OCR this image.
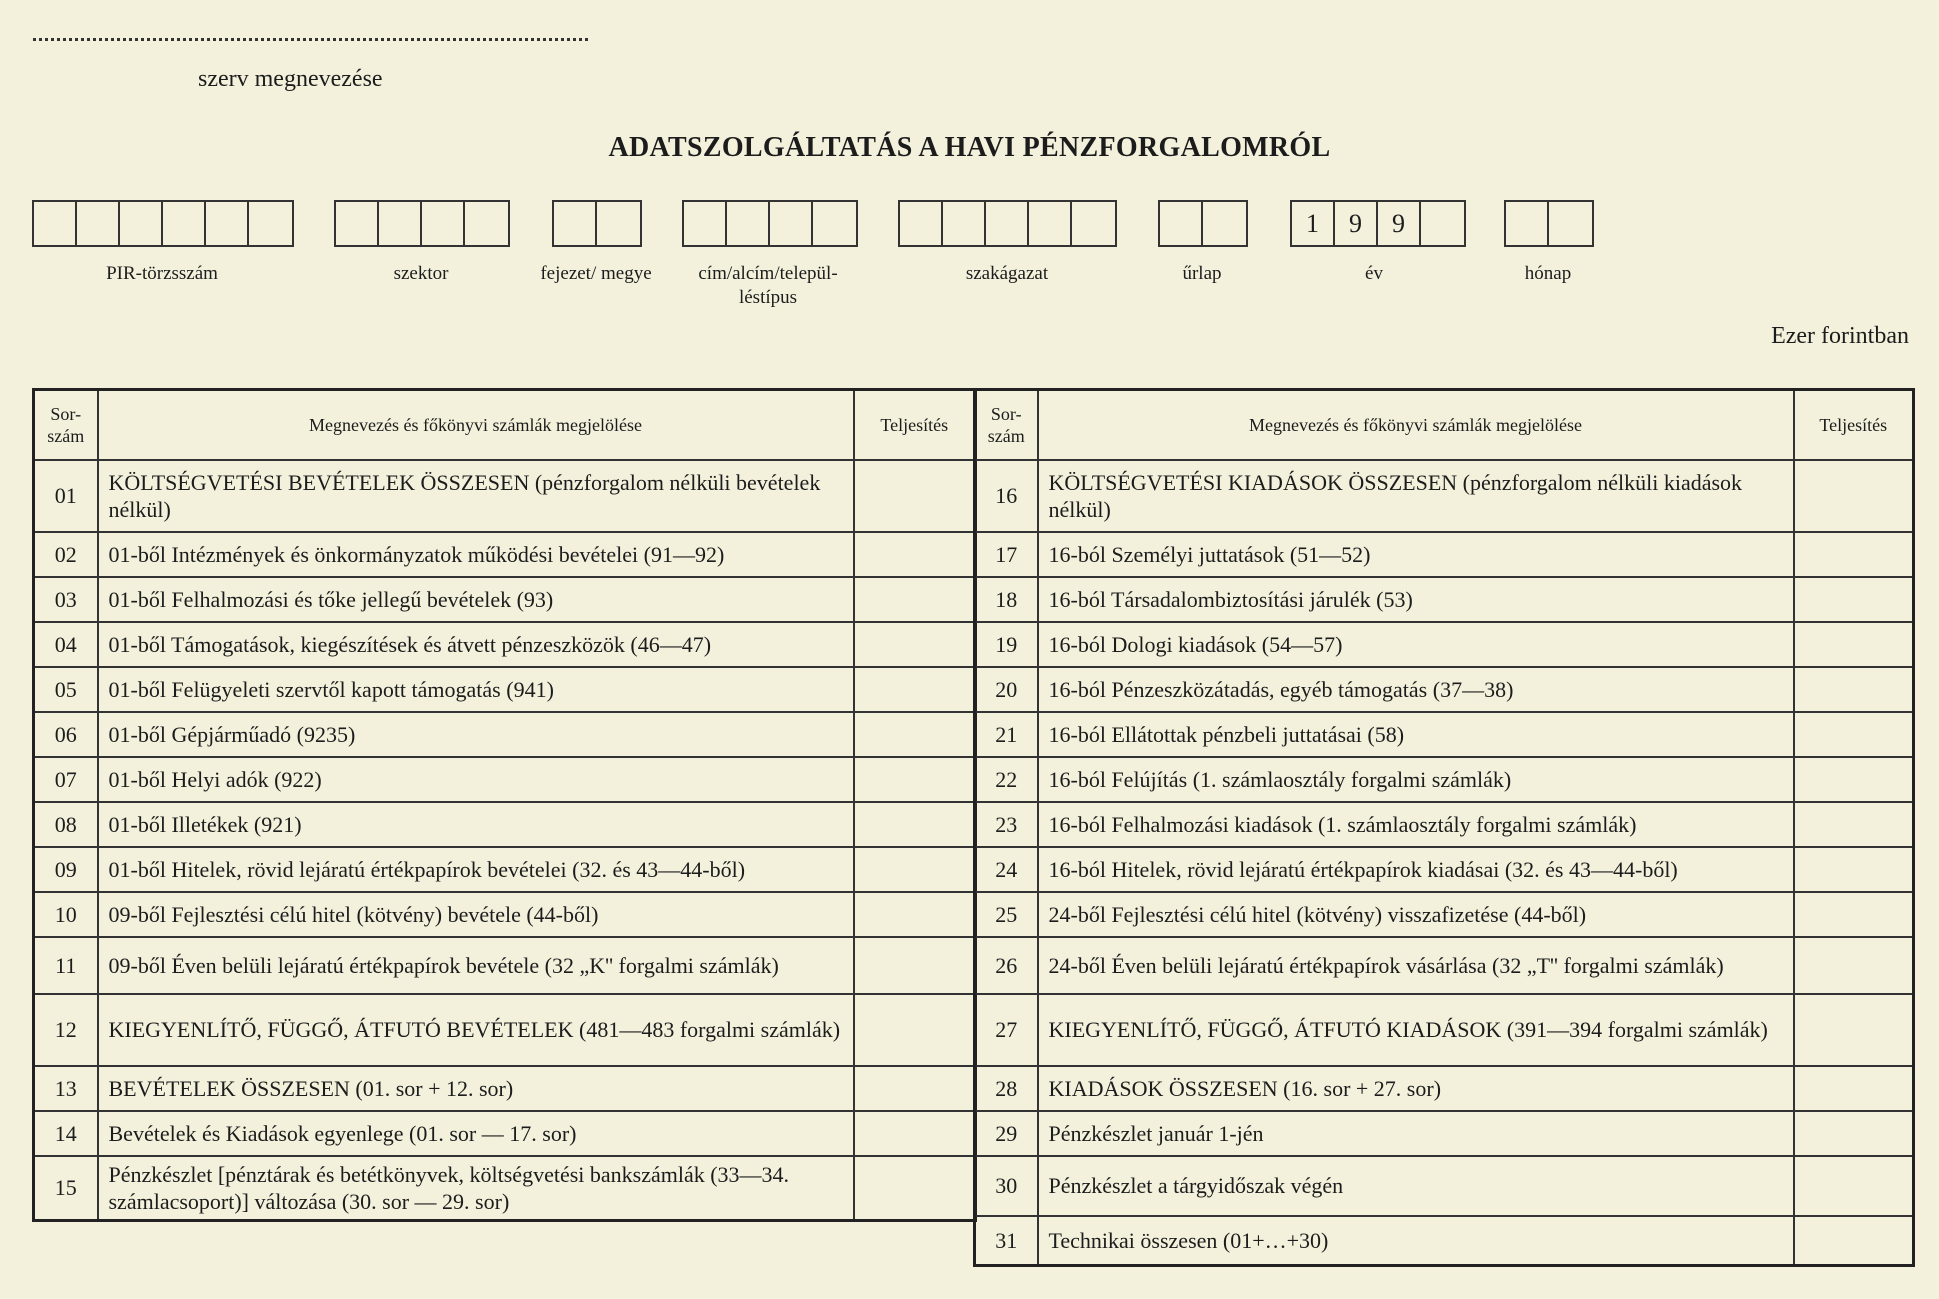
szerv megnevezése
ADATSZOLGÁLTATÁS A HAVI PÉNZFORGALOMRÓL
PIR-törzsszám	szektor	fejezet/ megye	cím/alcím/települ- léstípus
szakágazat	űrlap
1	9	9
év	hónap
Ezer forintban
Sor- szám	Megnevezés és főkönyvi számlák megjelölése	Teljesítés
01	KÖLTSÉGVETÉSI BEVÉTELEK ÖSSZESEN (pénzforgalom nélküli bevételek nélkül)	
02	01-ből Intézmények és önkormányzatok működési bevételei (91—92)	
03	01-ből Felhalmozási és tőke jellegű bevételek (93)	
04	01-ből Támogatások, kiegészítések és átvett pénzeszközök (46—47)	
05	01-ből Felügyeleti szervtől kapott támogatás (941)	
06	01-ből Gépjárműadó (9235)	
07	01-ből Helyi adók (922)	
08	01-ből Illetékek (921)	
09	01-ből Hitelek, rövid lejáratú értékpapírok bevételei (32. és 43—44-ből)	
10	09-ből Fejlesztési célú hitel (kötvény) bevétele (44-ből)	
11	09-ből Éven belüli lejáratú értékpapírok bevétele (32 „K'' forgalmi számlák)	
12	KIEGYENLÍTŐ, FÜGGŐ, ÁTFUTÓ BEVÉTELEK (481—483 forgalmi számlák)	
13	BEVÉTELEK ÖSSZESEN (01. sor + 12. sor)	
14	Bevételek és Kiadások egyenlege (01. sor — 17. sor)	
15	Pénzkészlet [pénztárak és betétkönyvek, költségvetési bankszámlák (33—34. számlacsoport)] változása (30. sor — 29. sor)	
Sor- szám	Megnevezés és főkönyvi számlák megjelölése	Teljesítés
16	KÖLTSÉGVETÉSI KIADÁSOK ÖSSZESEN (pénzforgalom nélküli kiadások nélkül)	
17	16-ból Személyi juttatások (51—52)	
18	16-ból Társadalombiztosítási járulék (53)	
19	16-ból Dologi kiadások (54—57)	
20	16-ból Pénzeszközátadás, egyéb támogatás (37—38)	
21	16-ból Ellátottak pénzbeli juttatásai (58)	
22	16-ból Felújítás (1. számlaosztály forgalmi számlák)	
23	16-ból Felhalmozási kiadások (1. számlaosztály forgalmi számlák)	
24	16-ból Hitelek, rövid lejáratú értékpapírok kiadásai (32. és 43—44-ből)	
25	24-ből Fejlesztési célú hitel (kötvény) visszafizetése (44-ből)	
26	24-ből Éven belüli lejáratú értékpapírok vásárlása (32 „T'' forgalmi számlák)	
27	KIEGYENLÍTŐ, FÜGGŐ, ÁTFUTÓ KIADÁSOK (391—394 forgalmi számlák)	
28	KIADÁSOK ÖSSZESEN (16. sor + 27. sor)	
29	Pénzkészlet január 1-jén	
30	Pénzkészlet a tárgyidőszak végén	
31	Technikai összesen (01+…+30)	
